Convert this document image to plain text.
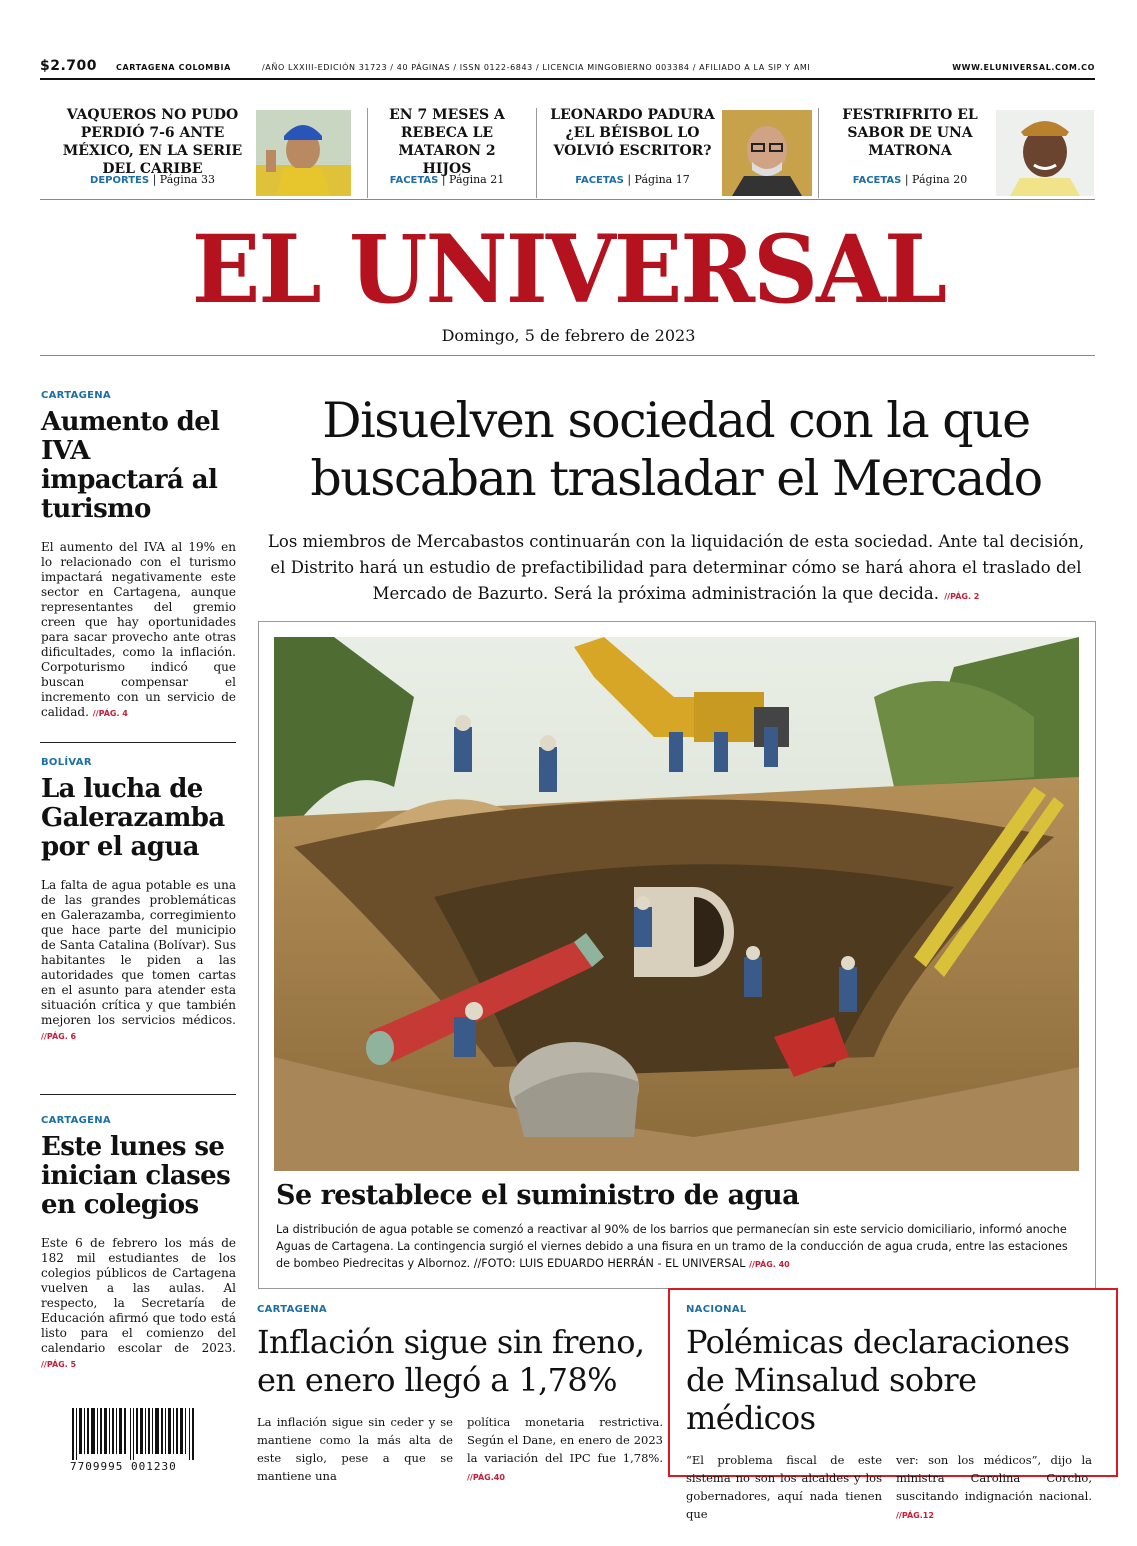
$2.700 CARTAGENA COLOMBIA	/AÑO LXXIII-EDICIÓN 31723 / 40 PÁGINAS / ISSN 0122-6843 / LICENCIA MINGOBIERNO 003384 / AFILIADO A LA SIP Y AMI	WWW.ELUNIVERSAL.COM.CO
VAQUEROS NO PUDO PERDIÓ 7-6 ANTE MÉXICO, EN LA SERIE DEL CARIBE
DEPORTES | Página 33
EN 7 MESES A REBECA LE MATARON 2 HIJOS
FACETAS | Página 21
LEONARDO PADURA ¿EL BÉISBOL LO VOLVIÓ ESCRITOR?
FACETAS | Página 17
FESTRIFRITO EL SABOR DE UNA MATRONA
FACETAS | Página 20
EL UNIVERSAL
Domingo, 5 de febrero de 2023
CARTAGENA
Aumento del IVA impactará al turismo
El aumento del IVA al 19% en lo relacionado con el turismo impactará negativamente este sector en Cartagena, aunque representantes del gremio creen que hay oportunidades para sacar provecho ante otras dificultades, como la inflación. Corpoturismo indicó que buscan compensar el incremento con un servicio de calidad. //PÁG. 4
BOLÍVAR
La lucha de Galerazamba por el agua
La falta de agua potable es una de las grandes problemáticas en Galerazamba, corregimiento que hace parte del municipio de Santa Catalina (Bolívar). Sus habitantes le piden a las autoridades que tomen cartas en el asunto para atender esta situación crítica y que también mejoren los servicios médicos. //PÁG. 6
CARTAGENA
Este lunes se inician clases en colegios
Este 6 de febrero los más de 182 mil estudiantes de los colegios públicos de Cartagena vuelven a las aulas. Al respecto, la Secretaría de Educación afirmó que todo está listo para el comienzo del calendario escolar de 2023. //PÁG. 5
7709995 001230
Disuelven sociedad con la que buscaban trasladar el Mercado
Los miembros de Mercabastos continuarán con la liquidación de esta sociedad. Ante tal decisión, el Distrito hará un estudio de prefactibilidad para determinar cómo se hará ahora el traslado del Mercado de Bazurto. Será la próxima administración la que decida. //PÁG. 2
Se restablece el suministro de agua
La distribución de agua potable se comenzó a reactivar al 90% de los barrios que permanecían sin este servicio domiciliario, informó anoche Aguas de Cartagena. La contingencia surgió el viernes debido a una fisura en un tramo de la conducción de agua cruda, entre las estaciones de bombeo Piedrecitas y Albornoz. //FOTO: LUIS EDUARDO HERRÁN - EL UNIVERSAL //PÁG. 40
CARTAGENA
Inflación sigue sin freno, en enero llegó a 1,78%
La inflación sigue sin ceder y se mantiene como la más alta de este siglo, pese a que se mantiene una
política monetaria restrictiva. Según el Dane, en enero de 2023 la variación del IPC fue 1,78%. //PÁG.40
NACIONAL
Polémicas declaraciones de Minsalud sobre médicos
“El problema fiscal de este sistema no son los alcaldes y los gobernadores, aquí nada tienen que
ver: son los médicos”, dijo la ministra Carolina Corcho, suscitando indignación nacional. //PÁG.12
